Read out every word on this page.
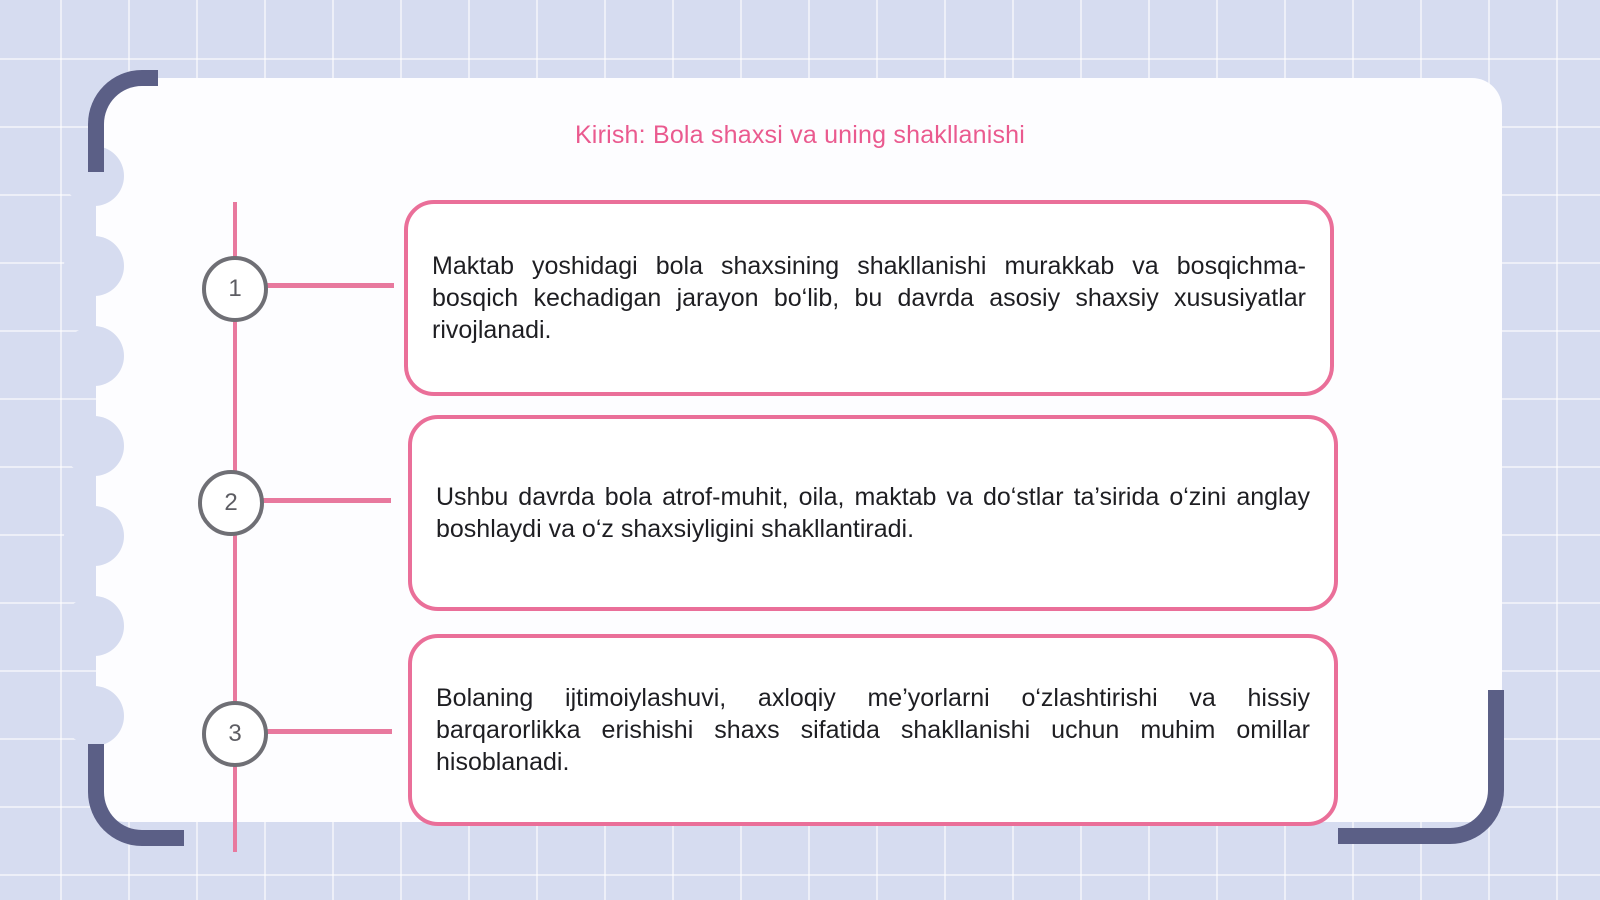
Kirish: Bola shaxsi va uning shakllanishi
1
2
3
Maktab yoshidagi bola shaxsining shakllanishi murakkab va bosqichma-bosqich kechadigan jarayon bo‘lib, bu davrda asosiy shaxsiy xususiyatlar rivojlanadi.
Ushbu davrda bola atrof-muhit, oila, maktab va do‘stlar ta’sirida o‘zini anglay boshlaydi va o‘z shaxsiyligini shakllantiradi.
Bolaning ijtimoiylashuvi, axloqiy me’yorlarni o‘zlashtirishi va hissiy barqarorlikka erishishi shaxs sifatida shakllanishi uchun muhim omillar hisoblanadi.
